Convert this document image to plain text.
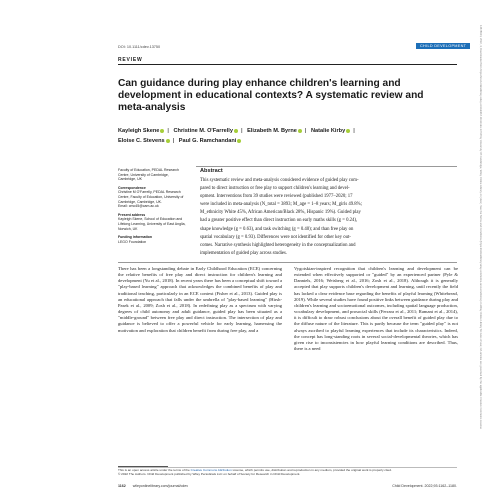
14678624, 2022, 4, Downloaded from https://srcd.onlinelibrary.wiley.com/doi/10.1111/cdev.13730 by University Of Cambridge, Wiley Online Library on [date]. See the Terms and Conditions (https://onlinelibrary.wiley.com/terms-and-conditions) on Wiley Online Library for rules of use; OA articles are governed by the applicable Creative Commons License
DOI: 10.1111/cdev.13750	CHILD DEVELOPMENT
REVIEW
Can guidance during play enhance children's learning and development in educational contexts? A systematic review and meta-analysis
Kayleigh Skene | Christine M. O'Farrelly | Elizabeth M. Byrne | Natalie Kirby |
Eloise C. Stevens | Paul G. Ramchandani
Faculty of Education, PEDAL Research Centre, University of Cambridge, Cambridge, UK
Correspondence
Christine M O'Farrelly, PEDAL Research Centre, Faculty of Education, University of Cambridge, Cambridge, UK.
Email: cmo45@cam.ac.uk
Present address
Kayleigh Skene, School of Education and Lifelong Learning, University of East Anglia, Norwich, UK
Funding information
LEGO Foundation
Abstract
This systematic review and meta-analysis considered evidence of guided play com-
pared to direct instruction or free play to support children's learning and devel-
opment. Interventions from 39 studies were reviewed (published 1977–2020; 17
were included in meta-analysis (N_total = 3893; M_age = 1–8 years; M_girls 49.8%;
M_ethnicity White 45%, African American/Black 28%, Hispanic 19%). Guided play
had a greater positive effect than direct instruction on early maths skills (g = 0.24),
shape knowledge (g = 0.63), and task switching (g = 0.40); and than free play on
spatial vocabulary (g = 0.93). Differences were not identified for other key out-
comes. Narrative synthesis highlighted heterogeneity in the conceptualization and
implementation of guided play across studies.
There has been a longstanding debate in Early Childhood Education (ECE) concerning the relative benefits of free play and direct instruction for children's learning and development (Yu et al., 2018). In recent years there has been a conceptual shift toward a "play-based learning" approach that acknowledges the combined benefits of play and traditional teaching, particularly in an ECE context (Fisher et al., 2013). Guided play is an educational approach that falls under the umbrella of "play-based learning" (Hirsh-Pasek et al., 2009; Zosh et al., 2018). In redefining play as a spectrum with varying degrees of child autonomy and adult guidance, guided play has been situated as a "middle-ground" between free play and direct instruction. The intersection of play and guidance is believed to offer a powerful vehicle for early learning, harnessing the motivation and exploration that children benefit from during free play, and a
Vygotskian-inspired recognition that children's learning and development can be extended when effectively supported or "guided" by an experienced partner (Pyle & Danniels, 2016; Weisberg et al., 2016; Zosh et al., 2018). Although it is generally accepted that play supports children's development and learning, until recently the field has lacked a clear evidence base regarding the benefits of playful learning (Whitebread, 2019). While several studies have found positive links between guidance during play and children's learning and socioemotional outcomes, including spatial language production, vocabulary development, and prosocial skills (Ferrara et al., 2011; Ramani et al., 2014), it is difficult to draw robust conclusions about the overall benefit of guided play due to the diffuse nature of the literature. This is partly because the term "guided play" is not always ascribed to playful learning experiences that include its characteristics. Indeed, the concept has long-standing roots in several social-developmental theories, which has given rise to inconsistencies in how playful learning conditions are described. Thus, there is a need
This is an open access article under the terms of the Creative Commons Attribution License, which permits use, distribution and reproduction in any medium, provided the original work is properly cited.
© 2022 The Authors. Child Development published by Wiley Periodicals LLC on behalf of Society for Research in Child Development.
1162 wileyonlinelibrary.com/journal/cdev	Child Development. 2022;93:1162–1180.
